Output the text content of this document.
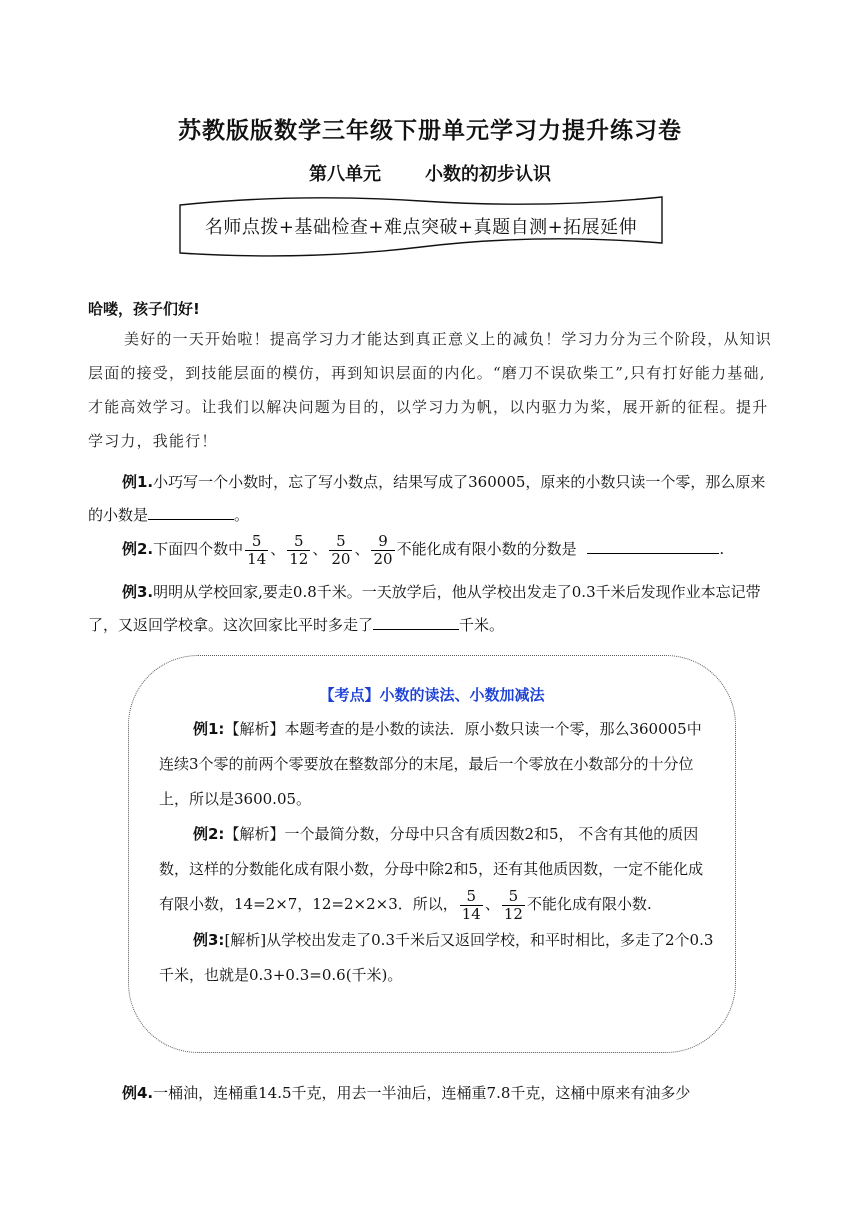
苏教版版数学三年级下册单元学习力提升练习卷
第八单元 小数的初步认识
名师点拨+基础检查+难点突破+真题自测+拓展延伸
哈喽，孩子们好!
美好的一天开始啦！提高学习力才能达到真正意义上的减负！学习力分为三个阶段，从知识层面的接受，到技能层面的模仿，再到知识层面的内化。“磨刀不误砍柴工”,只有打好能力基础,才能高效学习。让我们以解决问题为目的，以学习力为帆，以内驱力为桨，展开新的征程。提升学习力，我能行！
例1.小巧写一个小数时，忘了写小数点，结果写成了360005，原来的小数只读一个零，那么原来的小数是	。
例2.下面四个数中 $\frac{5}{14}$ 、 $\frac{5}{12}$ 、 $\frac{5}{20}$ 、 $\frac{9}{20}$ 不能化成有限小数的分数是	.
例3.明明从学校回家,要走0.8千米。一天放学后，他从学校出发走了0.3千米后发现作业本忘记带了，又返回学校拿。这次回家比平时多走了	千米。
【考点】小数的读法、小数加减法
例1:【解析】本题考查的是小数的读法．原小数只读一个零，那么360005中连续3个零的前两个零要放在整数部分的末尾，最后一个零放在小数部分的十分位上，所以是3600.05。
例2:【解析】一个最简分数，分母中只含有质因数2和5， 不含有其他的质因数，这样的分数能化成有限小数，分母中除2和5，还有其他质因数，一定不能化成有限小数，14=2×7，12=2×2×3．所以， $\frac{5}{14}$ 、 $\frac{5}{12}$ 不能化成有限小数.
例3:[解析]从学校出发走了0.3千米后又返回学校，和平时相比，多走了2个0.3千米，也就是0.3+0.3=0.6(千米)。
例4.一桶油，连桶重14.5千克，用去一半油后，连桶重7.8千克，这桶中原来有油多少
